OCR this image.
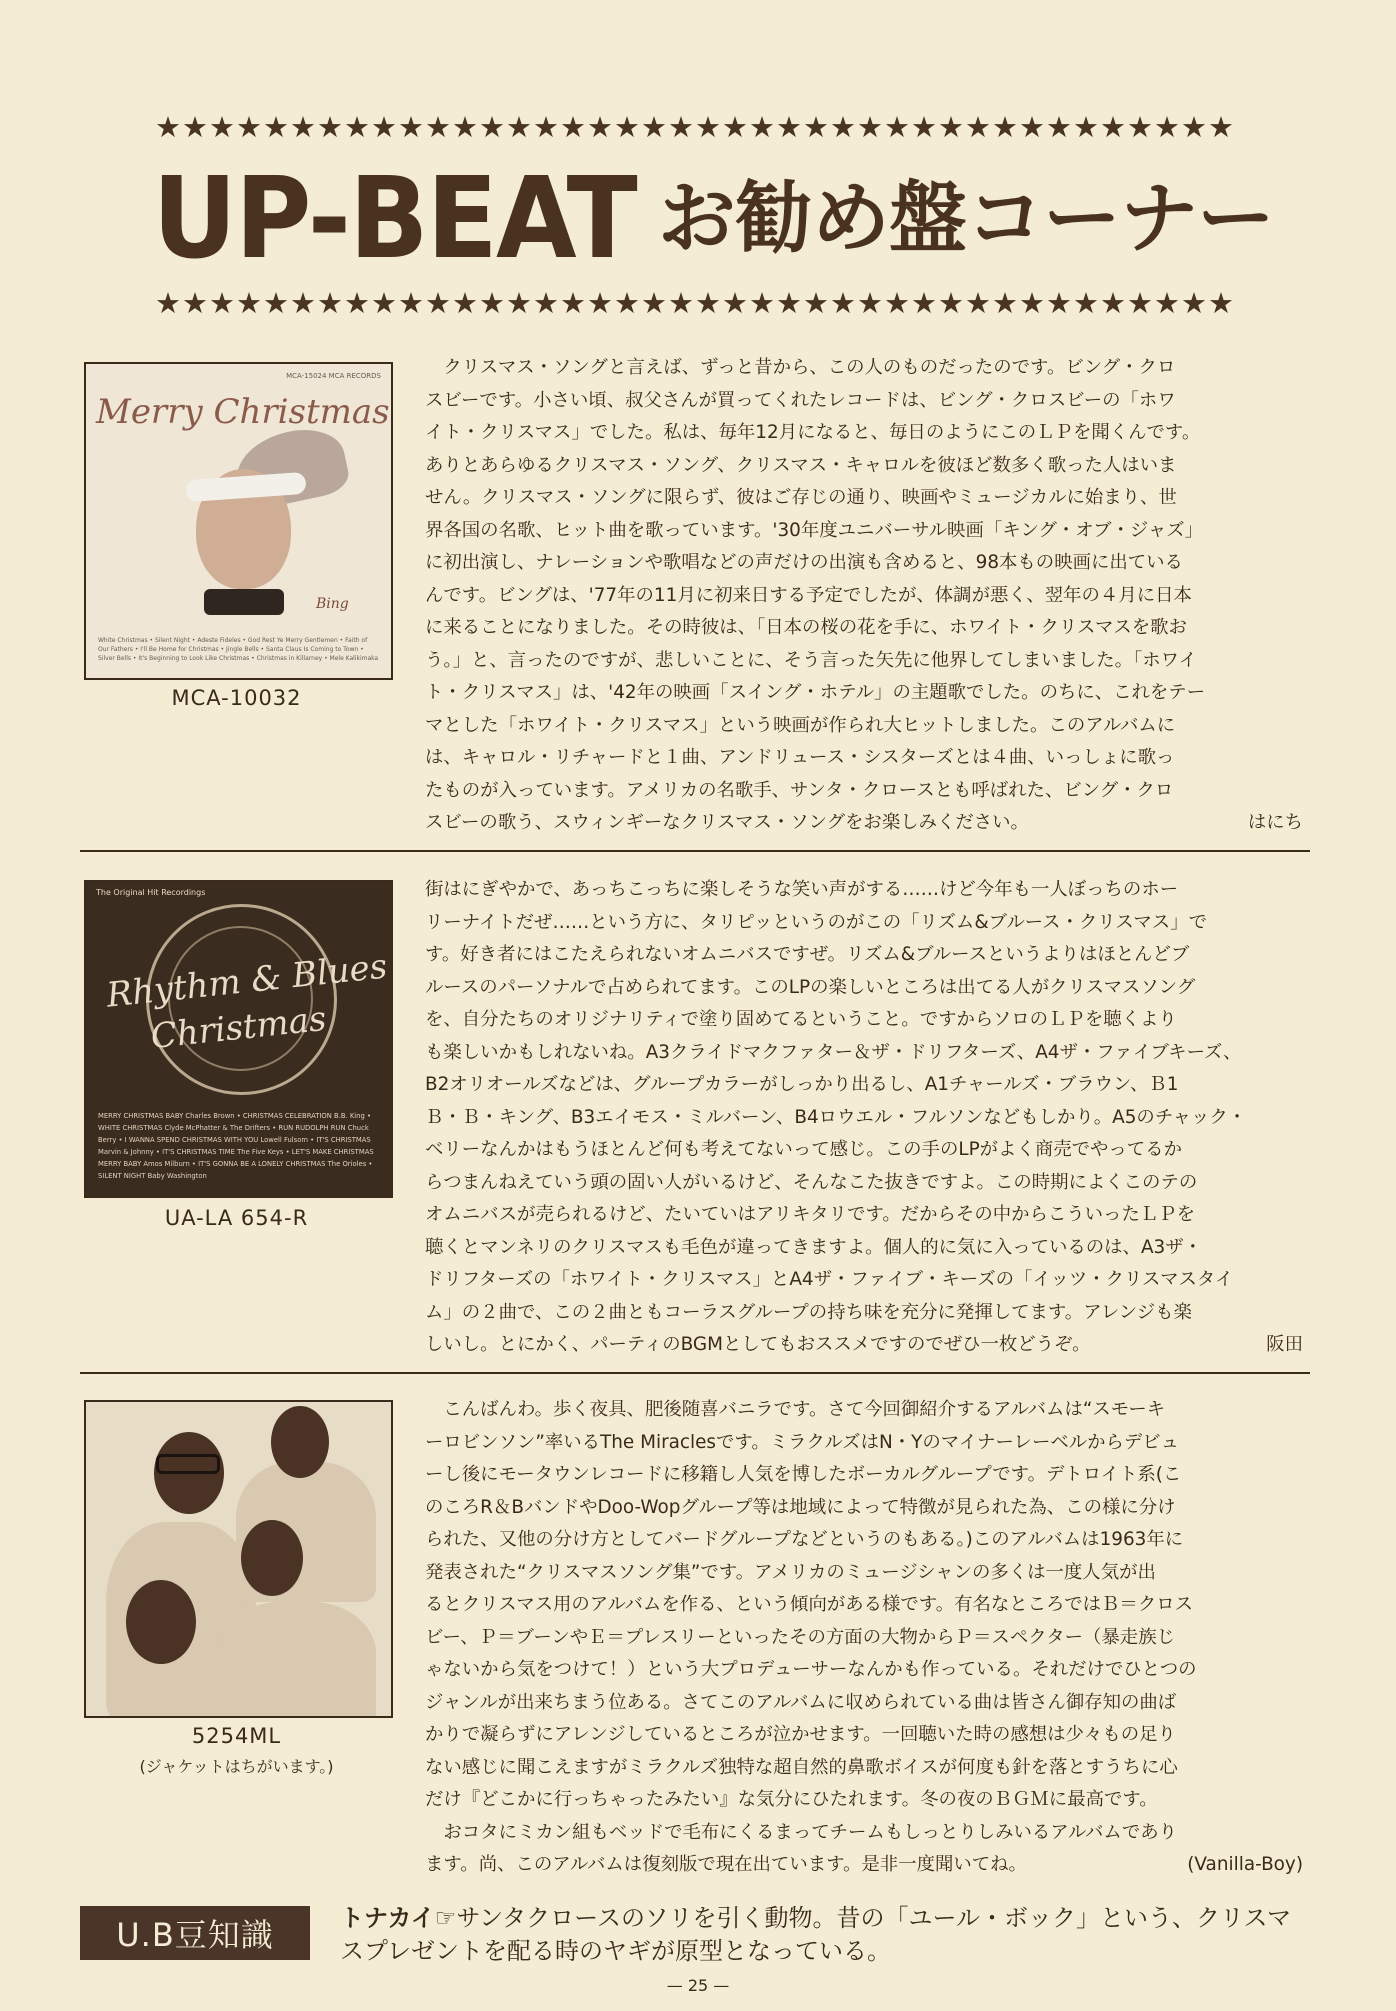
★★★★★★★★★★★★★★★★★★★★★★★★★★★★★★★★★★★★★★★★
UP-BEAT お勧め盤コーナー
★★★★★★★★★★★★★★★★★★★★★★★★★★★★★★★★★★★★★★★★
MCA-15024 MCA RECORDS
Merry Christmas
Bing
White Christmas • Silent Night • Adeste Fideles • God Rest Ye Merry Gentlemen • Faith of Our Fathers • I'll Be Home for Christmas • Jingle Bells • Santa Claus Is Coming to Town • Silver Bells • It's Beginning to Look Like Christmas • Christmas in Killarney • Mele Kalikimaka
MCA-10032
クリスマス・ソングと言えば、ずっと昔から、この人のものだったのです。ビング・クロ
スビーです。小さい頃、叔父さんが買ってくれたレコードは、ビング・クロスビーの「ホワ
イト・クリスマス」でした。私は、毎年12月になると、毎日のようにこのＬＰを聞くんです。
ありとあらゆるクリスマス・ソング、クリスマス・キャロルを彼ほど数多く歌った人はいま
せん。クリスマス・ソングに限らず、彼はご存じの通り、映画やミュージカルに始まり、世
界各国の名歌、ヒット曲を歌っています。'30年度ユニバーサル映画「キング・オブ・ジャズ」
に初出演し、ナレーションや歌唱などの声だけの出演も含めると、98本もの映画に出ている
んです。ビングは、'77年の11月に初来日する予定でしたが、体調が悪く、翌年の４月に日本
に来ることになりました。その時彼は、「日本の桜の花を手に、ホワイト・クリスマスを歌お
う。」と、言ったのですが、悲しいことに、そう言った矢先に他界してしまいました。「ホワイ
ト・クリスマス」は、'42年の映画「スイング・ホテル」の主題歌でした。のちに、これをテー
マとした「ホワイト・クリスマス」という映画が作られ大ヒットしました。このアルバムに
は、キャロル・リチャードと１曲、アンドリュース・シスターズとは４曲、いっしょに歌っ
たものが入っています。アメリカの名歌手、サンタ・クロースとも呼ばれた、ビング・クロ
スビーの歌う、スウィンギーなクリスマス・ソングをお楽しみください。	はにち
The Original Hit Recordings
Rhythm & Blues
Christmas
MERRY CHRISTMAS BABY Charles Brown • CHRISTMAS CELEBRATION B.B. King • WHITE CHRISTMAS Clyde McPhatter & The Drifters • RUN RUDOLPH RUN Chuck Berry • I WANNA SPEND CHRISTMAS WITH YOU Lowell Fulsom • IT'S CHRISTMAS Marvin & Johnny • IT'S CHRISTMAS TIME The Five Keys • LET'S MAKE CHRISTMAS MERRY BABY Amos Milburn • IT'S GONNA BE A LONELY CHRISTMAS The Orioles • SILENT NIGHT Baby Washington
UA-LA 654-R
街はにぎやかで、あっちこっちに楽しそうな笑い声がする……けど今年も一人ぼっちのホー
リーナイトだぜ……という方に、タリピッというのがこの「リズム&ブルース・クリスマス」で
す。好き者にはこたえられないオムニバスですぜ。リズム&ブルースというよりはほとんどブ
ルースのパーソナルで占められてます。このLPの楽しいところは出てる人がクリスマスソング
を、自分たちのオリジナリティで塗り固めてるということ。ですからソロのＬＰを聴くより
も楽しいかもしれないね。A3クライドマクファター＆ザ・ドリフターズ、A4ザ・ファイブキーズ、
B2オリオールズなどは、グループカラーがしっかり出るし、A1チャールズ・ブラウン、Ｂ1
Ｂ・Ｂ・キング、B3エイモス・ミルバーン、B4ロウエル・フルソンなどもしかり。A5のチャック・
ベリーなんかはもうほとんど何も考えてないって感じ。この手のLPがよく商売でやってるか
らつまんねえていう頭の固い人がいるけど、そんなこた抜きですよ。この時期によくこのテの
オムニバスが売られるけど、たいていはアリキタリです。だからその中からこういったＬＰを
聴くとマンネリのクリスマスも毛色が違ってきますよ。個人的に気に入っているのは、A3ザ・
ドリフターズの「ホワイト・クリスマス」とA4ザ・ファイブ・キーズの「イッツ・クリスマスタイ
ム」の２曲で、この２曲ともコーラスグループの持ち味を充分に発揮してます。アレンジも楽
しいし。とにかく、パーティのBGMとしてもおススメですのでぜひ一枚どうぞ。	阪田
5254ML
(ジャケットはちがいます。)
こんばんわ。歩く夜具、肥後随喜バニラです。さて今回御紹介するアルバムは“スモーキ
ーロビンソン”率いるThe Miraclesです。ミラクルズはN・Yのマイナーレーベルからデビュ
ーし後にモータウンレコードに移籍し人気を博したボーカルグループです。デトロイト系(こ
のころR＆BバンドやDoo-Wopグループ等は地域によって特徴が見られた為、この様に分け
られた、又他の分け方としてバードグループなどというのもある。)このアルバムは1963年に
発表された“クリスマスソング集”です。アメリカのミュージシャンの多くは一度人気が出
るとクリスマス用のアルバムを作る、という傾向がある様です。有名なところではＢ＝クロス
ビー、Ｐ＝ブーンやＥ＝プレスリーといったその方面の大物からＰ＝スペクター（暴走族じ
ゃないから気をつけて！）という大プロデューサーなんかも作っている。それだけでひとつの
ジャンルが出来ちまう位ある。さてこのアルバムに収められている曲は皆さん御存知の曲ば
かりで凝らずにアレンジしているところが泣かせます。一回聴いた時の感想は少々もの足り
ない感じに聞こえますがミラクルズ独特な超自然的鼻歌ボイスが何度も針を落とすうちに心
だけ『どこかに行っちゃったみたい』な気分にひたれます。冬の夜のＢＧＭに最高です。
おコタにミカン組もベッドで毛布にくるまってチームもしっとりしみいるアルバムであり
ます。尚、このアルバムは復刻版で現在出ています。是非一度聞いてね。	(Vanilla-Boy)
U.B豆知識	トナカイ☞サンタクロースのソリを引く動物。昔の「ユール・ボック」という、クリスマ
スプレゼントを配る時のヤギが原型となっている。
— 25 —
